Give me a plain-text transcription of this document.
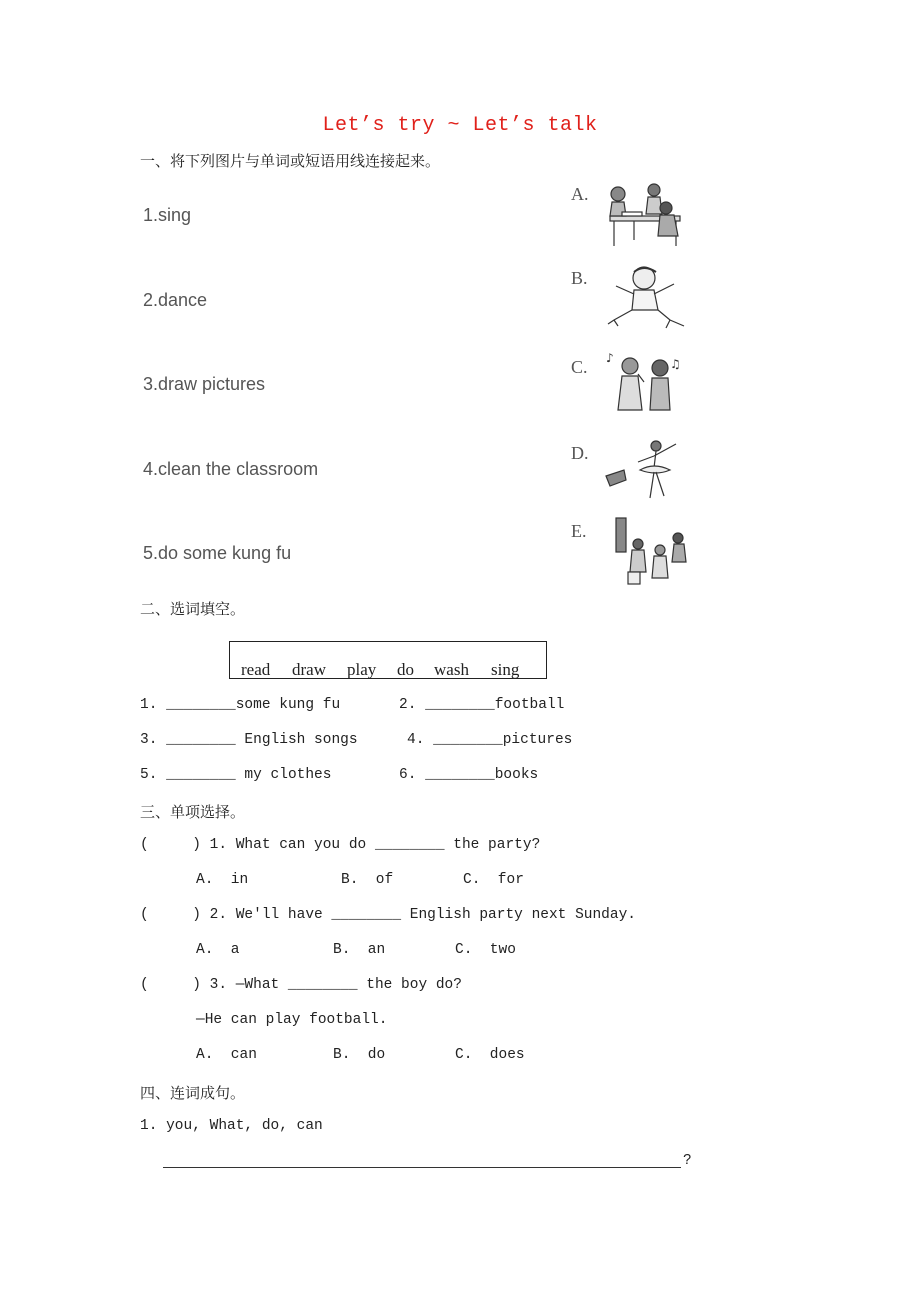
Let’s try ~ Let’s talk
一、将下列图片与单词或短语用线连接起来。
1.sing
2.dance
3.draw pictures
4.clean the classroom
5.do some kung fu
A.
B.
C.
D.
E.
♪	♫
二、选词填空。
read draw play do wash sing
1. ________some kung fu	2. ________football
3. ________ English songs	4. ________pictures
5. ________ my clothes	6. ________books
三、单项选择。
(     ) 1. What can you do ________ the party?
A.  in	B.  of	C.  for
(     ) 2. We'll have ________ English party next Sunday.
A.  a	B.  an	C.  two
(     ) 3. —What ________ the boy do?
—He can play football.
A.  can	B.  do	C.  does
四、连词成句。
1. you, What, do, can
?
